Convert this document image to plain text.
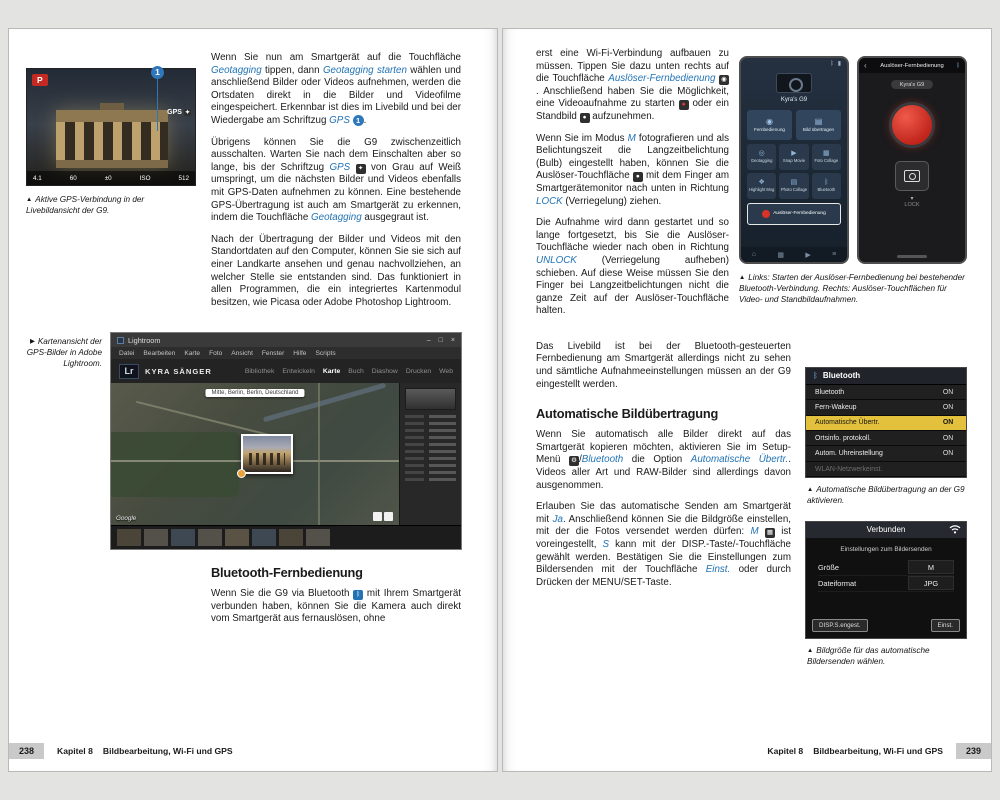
1
P
GPS ✦
4.1	60	±0	ISO	512
▲ Aktive GPS-Verbindung in der Livebildansicht der G9.

Wenn Sie nun am Smartgerät auf die Touchfläche Geotagging tippen, dann Geotagging starten wählen und anschließend Bilder oder Videos aufnehmen, werden die Ortsdaten direkt in die Bilder und Videofilme eingespeichert. Erkennbar ist dies im Livebild und bei der Wiedergabe am Schriftzug GPS 1 .

Übrigens können Sie die G9 zwischenzeitlich ausschalten. Warten Sie nach dem Einschalten aber so lange, bis der Schriftzug GPS ✦ von Grau auf Weiß umspringt, um die nächsten Bilder und Videos ebenfalls mit GPS-Daten aufnehmen zu können. Eine bestehende GPS-Übertragung ist auch am Smartgerät zu erkennen, indem die Touchfläche Geotagging ausgegraut ist.

Nach der Übertragung der Bilder und Videos mit den Standortdaten auf den Computer, können Sie sie sich auf einer Landkarte ansehen und genau nachvollziehen, an welcher Stelle sie entstanden sind. Das funktioniert in allen Programmen, die ein integriertes Kartenmodul besitzen, wie Picasa oder Adobe Photoshop Lightroom.

▶ Kartenansicht der GPS-Bilder in Adobe Lightroom.
Lightroom	– □ ×
Datei Bearbeiten Karte Foto Ansicht Fenster Hilfe Scripts
Lr	KYRA SÄNGER	Bibliothek Entwickeln Karte Buch Diashow Drucken Web
Mitte, Berlin, Berlin, Deutschland
Google
Bluetooth-Fernbedienung

Wenn Sie die G9 via Bluetooth ᛒ mit Ihrem Smartgerät verbunden haben, können Sie die Kamera auch direkt vom Smartgerät aus fernauslösen, ohne

238	Kapitel 8 Bildbearbeitung, Wi-Fi und GPS

erst eine Wi-Fi-Verbindung aufbauen zu müssen. Tippen Sie dazu unten rechts auf die Touchfläche Auslöser-Fernbedienung ◉. Anschließend haben Sie die Möglichkeit, eine Videoaufnahme zu starten ● oder ein Standbild ● aufzunehmen.

Wenn Sie im Modus M fotografieren und als Belichtungszeit die Langzeitbelichtung (Bulb) eingestellt haben, können Sie die Auslöser-Touchfläche ● mit dem Finger am Smartgerätemonitor nach unten in Richtung LOCK (Verriegelung) ziehen.

Die Aufnahme wird dann gestartet und so lange fortgesetzt, bis Sie die Auslöser-Touchfläche wieder nach oben in Richtung UNLOCK (Verriegelung aufheben) schieben. Auf diese Weise müssen Sie den Finger bei Langzeitbelichtungen nicht die ganze Zeit auf der Auslöser-Touchfläche halten.

ᛒ ▮
Kyra's G9
◉
Fernbedienung
▤
Bild übertragen
◎
Geotagging
▶
Snap Movie
▦
Foto Collage
❖
Highlight Mvg
▤
Photo Collage
ᛒ
Bluetooth
Auslöser-Fernbedienung
⌂	▦	▶	≡
‹ Auslöser-Fernbedienung ᛒ
Kyra's G9
▾
LOCK
▲ Links: Starten der Auslöser-Fernbedienung bei bestehender Bluetooth-Verbindung. Rechts: Auslöser-Touchflächen für Video- und Standbildaufnahmen.

Das Livebild ist bei der Bluetooth-gesteuerten Fernbedienung am Smartgerät allerdings nicht zu sehen und sämtliche Aufnahmeeinstellungen müssen an der G9 eingestellt werden.

Automatische Bildübertragung

Wenn Sie automatisch alle Bilder direkt auf das Smartgerät kopieren möchten, aktivieren Sie im Setup-Menü ⚙ /Bluetooth die Option Automatische Übertr.. Videos aller Art und RAW-Bilder sind allerdings davon ausgenommen.

Erlauben Sie das automatische Senden am Smartgerät mit Ja. Anschließend können Sie die Bildgröße einstellen, mit der die Fotos versendet werden dürfen: M ▦ ist voreingestellt, S kann mit der DISP.-Taste/-Touchfläche gewählt werden. Bestätigen Sie die Einstellungen zum Bildersenden mit der Touchfläche Einst. oder durch Drücken der MENU/SET-Taste.

ᛒ Bluetooth
Bluetooth	ON
Fern-Wakeup	ON
Automatische Übertr.	ON
Ortsinfo. protokoll.	ON
Autom. Uhreinstellung	ON
WLAN-Netzwerkeinst.
▲ Automatische Bildübertragung an der G9 aktivieren.
Verbunden
Einstellungen zum Bildersenden
Größe	M
Dateiformat	JPG
DISP.S.engest.	Einst.
▲ Bildgröße für das automatische Bildersenden wählen.
Kapitel 8 Bildbearbeitung, Wi-Fi und GPS	239
